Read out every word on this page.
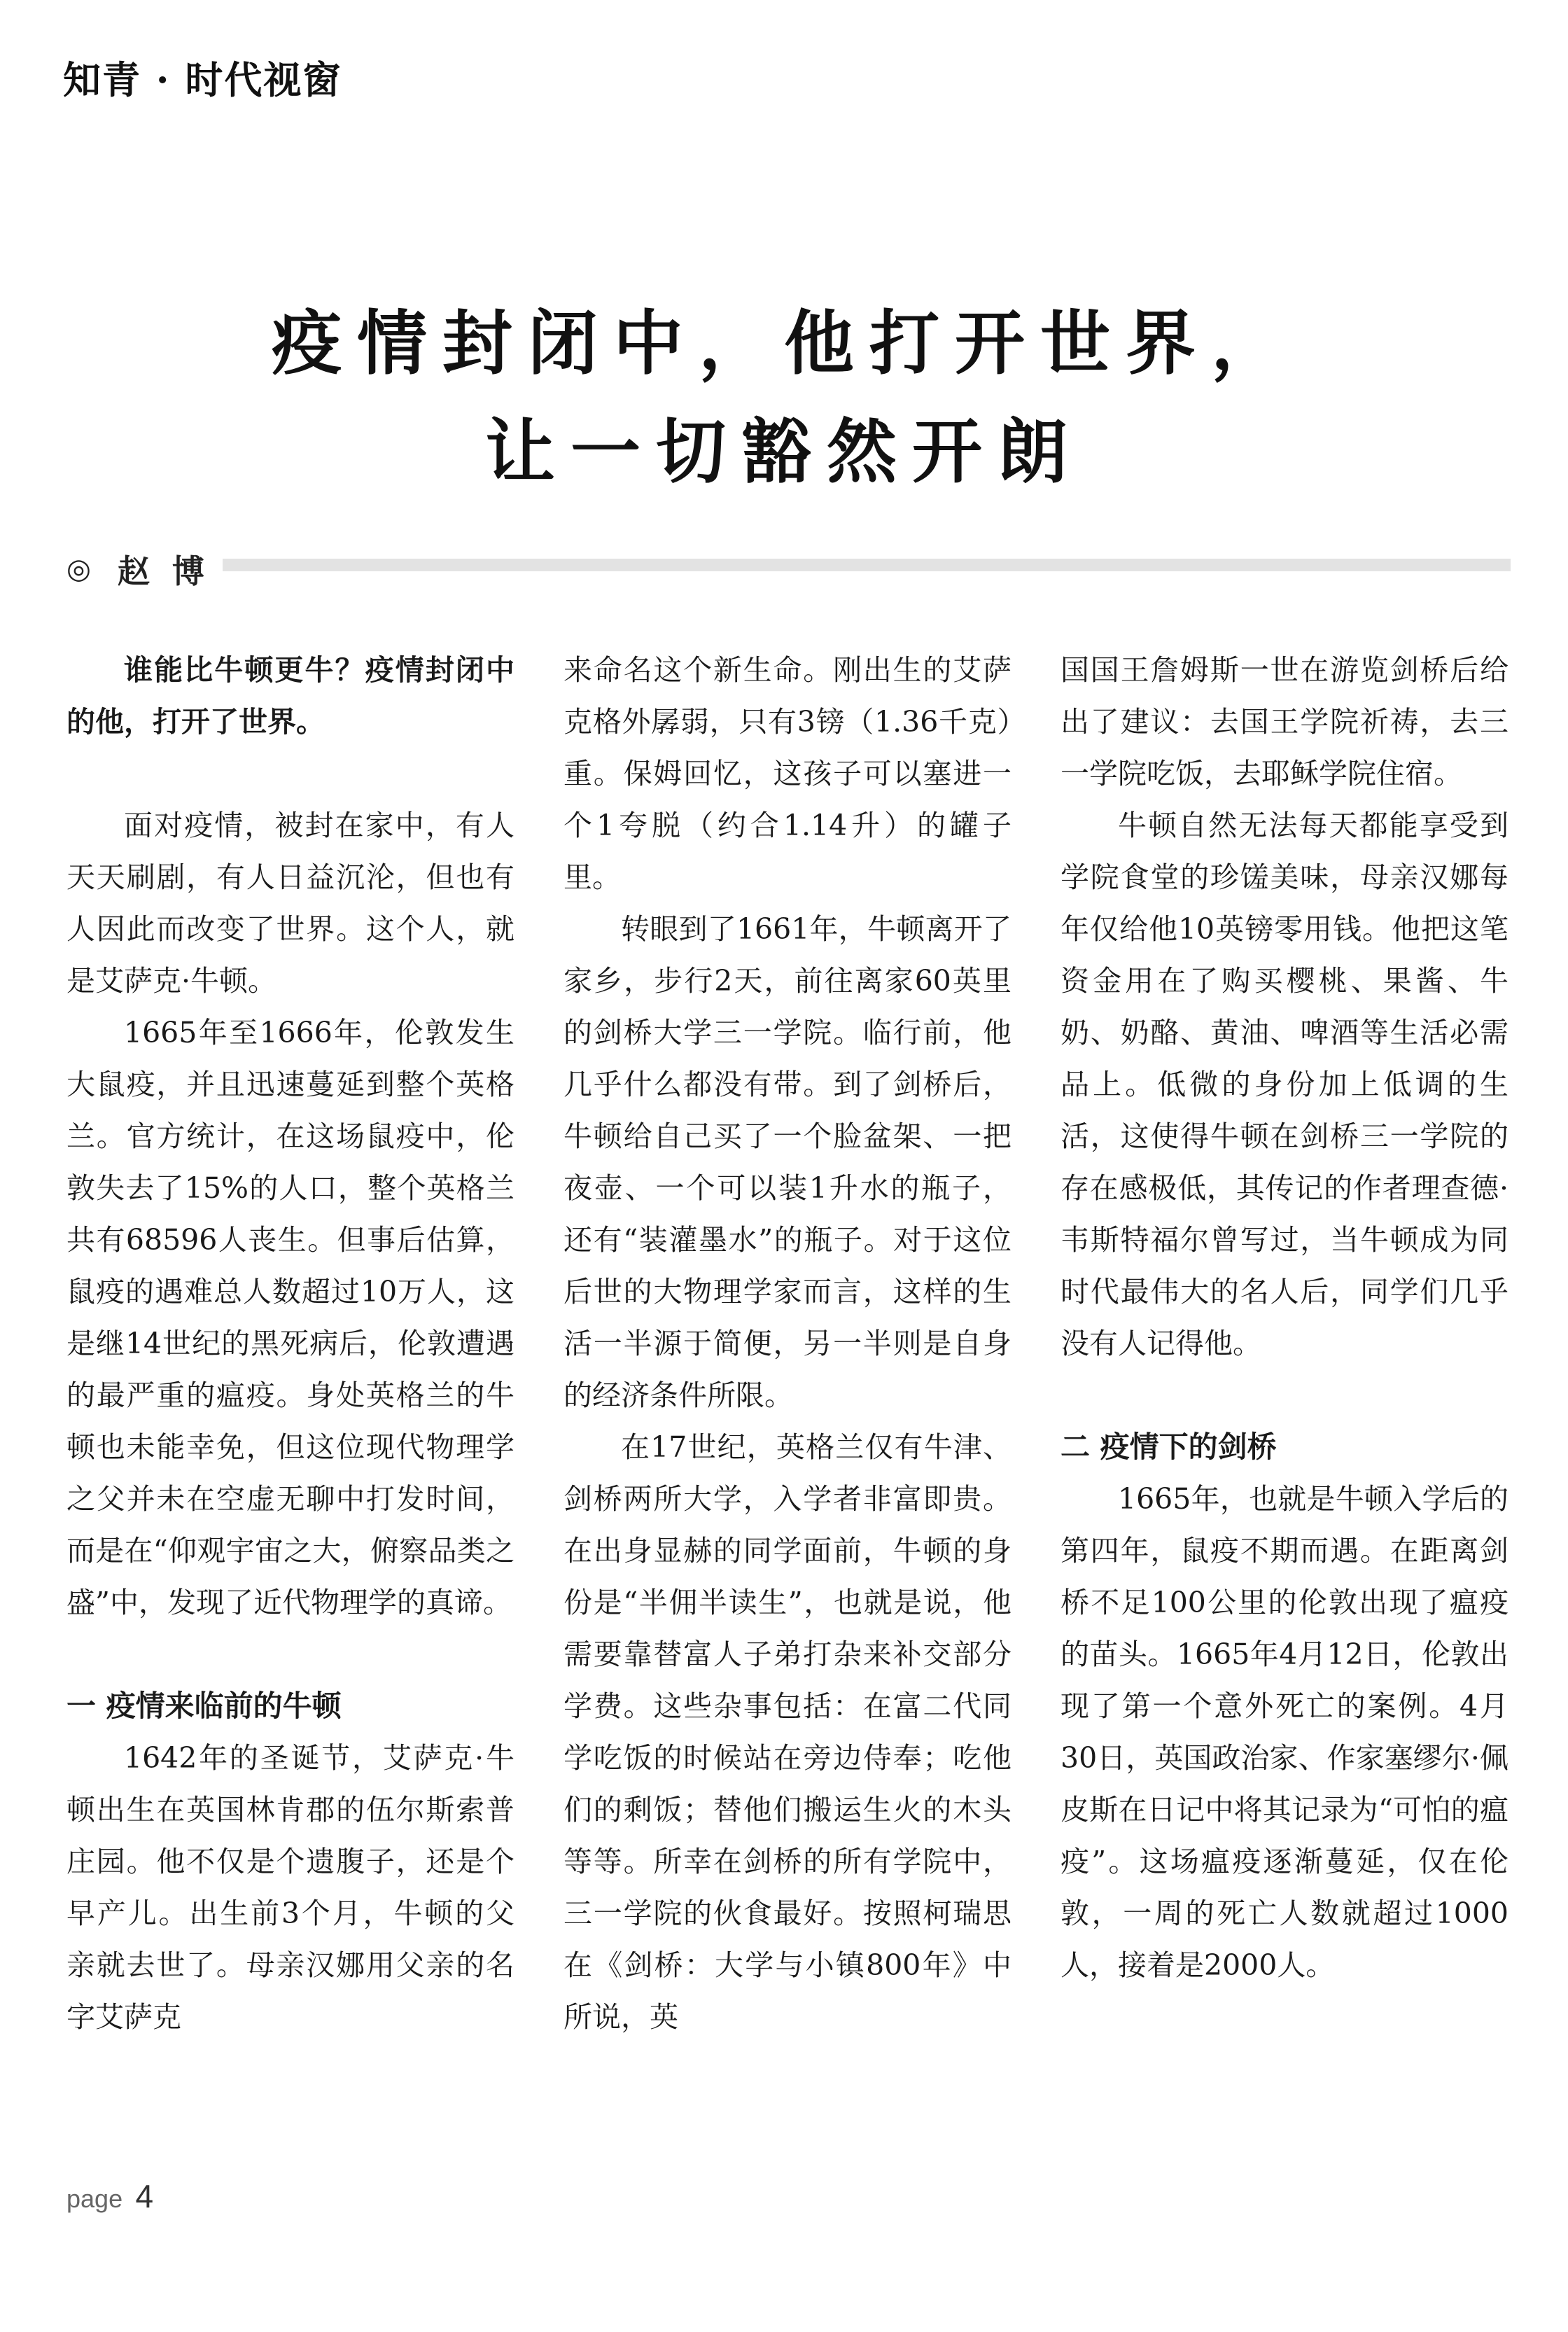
知青 · 时代视窗
疫情封闭中，他打开世界，
让一切豁然开朗
◎ 赵 博

谁能比牛顿更牛？疫情封闭中的他，打开了世界。

面对疫情，被封在家中，有人天天刷剧，有人日益沉沦，但也有人因此而改变了世界。这个人，就是艾萨克·牛顿。

1665年至1666年，伦敦发生大鼠疫，并且迅速蔓延到整个英格兰。官方统计，在这场鼠疫中，伦敦失去了15%的人口，整个英格兰共有68596人丧生。但事后估算，鼠疫的遇难总人数超过10万人，这是继14世纪的黑死病后，伦敦遭遇的最严重的瘟疫。身处英格兰的牛顿也未能幸免，但这位现代物理学之父并未在空虚无聊中打发时间，而是在“仰观宇宙之大，俯察品类之盛”中，发现了近代物理学的真谛。

一 疫情来临前的牛顿

1642年的圣诞节，艾萨克·牛顿出生在英国林肯郡的伍尔斯索普庄园。他不仅是个遗腹子，还是个早产儿。出生前3个月，牛顿的父亲就去世了。母亲汉娜用父亲的名字艾萨克

来命名这个新生命。刚出生的艾萨克格外孱弱，只有3镑（1.36千克）重。保姆回忆，这孩子可以塞进一个1夸脱（约合1.14升）的罐子里。

转眼到了1661年，牛顿离开了家乡，步行2天，前往离家60英里的剑桥大学三一学院。临行前，他几乎什么都没有带。到了剑桥后，牛顿给自己买了一个脸盆架、一把夜壶、一个可以装1升水的瓶子，还有“装灌墨水”的瓶子。对于这位后世的大物理学家而言，这样的生活一半源于简便，另一半则是自身的经济条件所限。

在17世纪，英格兰仅有牛津、剑桥两所大学，入学者非富即贵。在出身显赫的同学面前，牛顿的身份是“半佣半读生”，也就是说，他需要靠替富人子弟打杂来补交部分学费。这些杂事包括：在富二代同学吃饭的时候站在旁边侍奉；吃他们的剩饭；替他们搬运生火的木头等等。所幸在剑桥的所有学院中，三一学院的伙食最好。按照柯瑞思在《剑桥：大学与小镇800年》中所说，英

国国王詹姆斯一世在游览剑桥后给出了建议：去国王学院祈祷，去三一学院吃饭，去耶稣学院住宿。

牛顿自然无法每天都能享受到学院食堂的珍馐美味，母亲汉娜每年仅给他10英镑零用钱。他把这笔资金用在了购买樱桃、果酱、牛奶、奶酪、黄油、啤酒等生活必需品上。低微的身份加上低调的生活，这使得牛顿在剑桥三一学院的存在感极低，其传记的作者理查德·韦斯特福尔曾写过，当牛顿成为同时代最伟大的名人后，同学们几乎没有人记得他。

二 疫情下的剑桥

1665年，也就是牛顿入学后的第四年，鼠疫不期而遇。在距离剑桥不足100公里的伦敦出现了瘟疫的苗头。1665年4月12日，伦敦出现了第一个意外死亡的案例。4月30日，英国政治家、作家塞缪尔·佩皮斯在日记中将其记录为“可怕的瘟疫”。这场瘟疫逐渐蔓延，仅在伦敦，一周的死亡人数就超过1000人，接着是2000人。

page 4
